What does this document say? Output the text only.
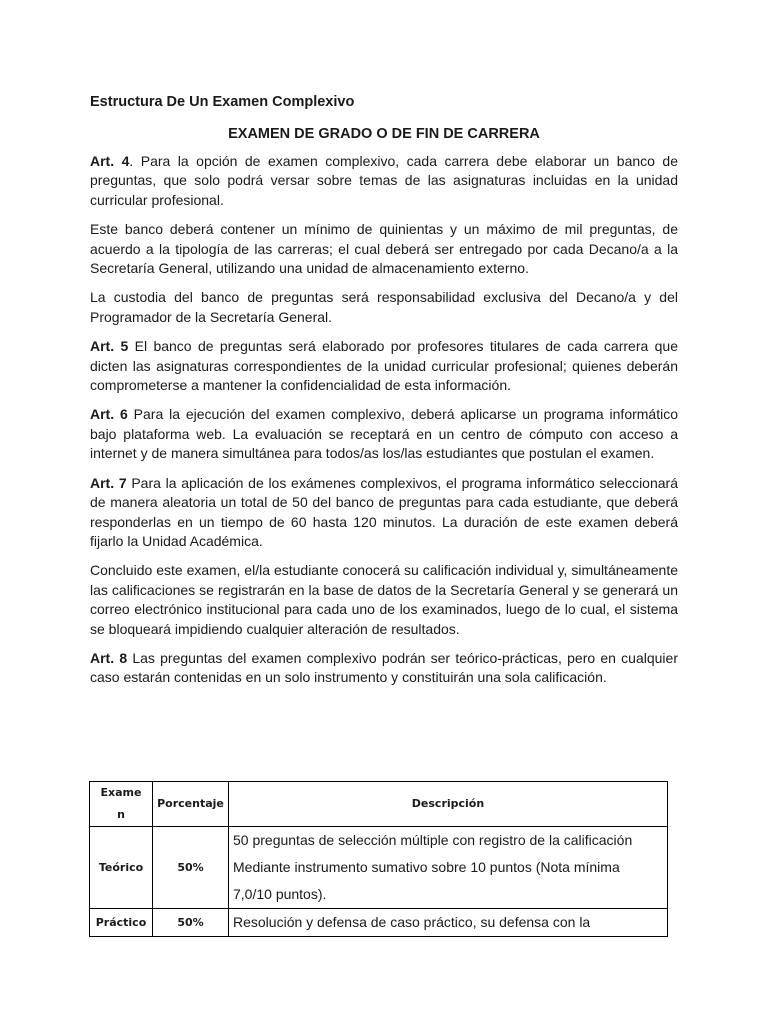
Estructura De Un Examen Complexivo
EXAMEN DE GRADO O DE FIN DE CARRERA

Art. 4. Para la opción de examen complexivo, cada carrera debe elaborar un banco de preguntas, que solo podrá versar sobre temas de las asignaturas incluidas en la unidad curricular profesional.

Este banco deberá contener un mínimo de quinientas y un máximo de mil preguntas, de acuerdo a la tipología de las carreras; el cual deberá ser entregado por cada Decano/a a la Secretaría General, utilizando una unidad de almacenamiento externo.

La custodia del banco de preguntas será responsabilidad exclusiva del Decano/a y del Programador de la Secretaría General.

Art. 5 El banco de preguntas será elaborado por profesores titulares de cada carrera que dicten las asignaturas correspondientes de la unidad curricular profesional; quienes deberán comprometerse a mantener la confidencialidad de esta información.

Art. 6 Para la ejecución del examen complexivo, deberá aplicarse un programa informático bajo plataforma web. La evaluación se receptará en un centro de cómputo con acceso a internet y de manera simultánea para todos/as los/las estudiantes que postulan el examen.

Art. 7 Para la aplicación de los exámenes complexivos, el programa informático seleccionará de manera aleatoria un total de 50 del banco de preguntas para cada estudiante, que deberá responderlas en un tiempo de 60 hasta 120 minutos. La duración de este examen deberá fijarlo la Unidad Académica.

Concluido este examen, el/la estudiante conocerá su calificación individual y, simultáneamente las calificaciones se registrarán en la base de datos de la Secretaría General y se generará un correo electrónico institucional para cada uno de los examinados, luego de lo cual, el sistema se bloqueará impidiendo cualquier alteración de resultados.

Art. 8 Las preguntas del examen complexivo podrán ser teórico-prácticas, pero en cualquier caso estarán contenidas en un solo instrumento y constituirán una sola calificación.

Exame
n	Porcentaje	Descripción
Teórico	50%	50 preguntas de selección múltiple con registro de la calificación
Mediante instrumento sumativo sobre 10 puntos (Nota mínima
7,0/10 puntos).

Práctico	50%	Resolución y defensa de caso práctico, su defensa con la
